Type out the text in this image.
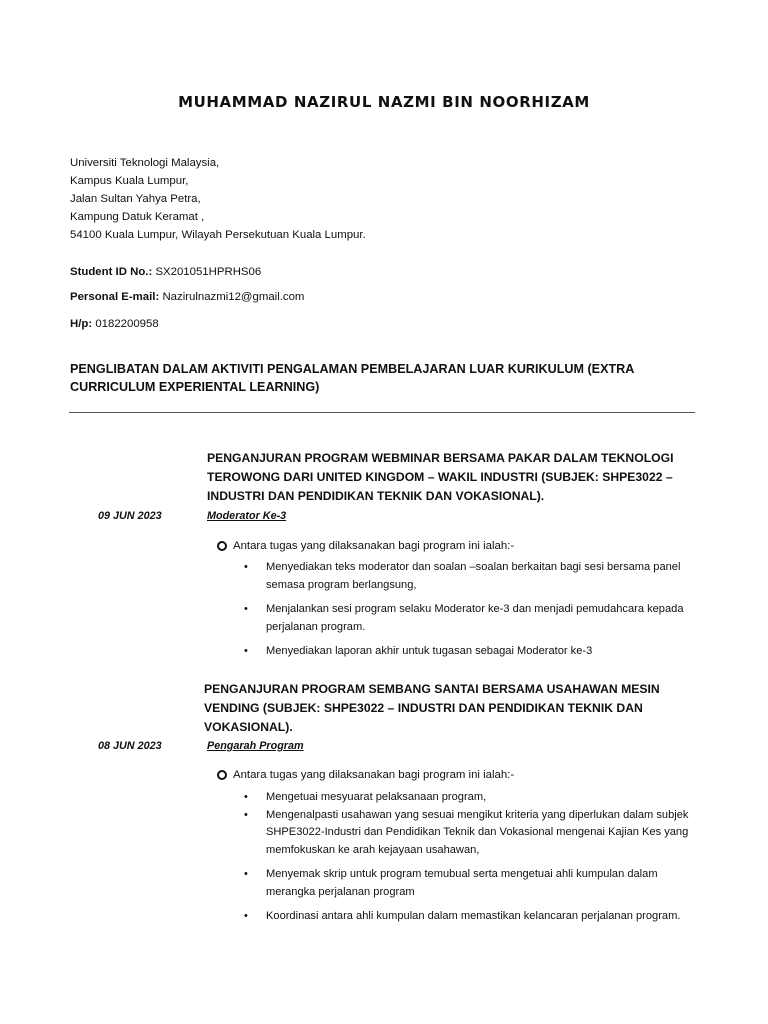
MUHAMMAD NAZIRUL NAZMI BIN NOORHIZAM
Universiti Teknologi Malaysia,
Kampus Kuala Lumpur,
Jalan Sultan Yahya Petra,
Kampung Datuk Keramat ,
54100 Kuala Lumpur, Wilayah Persekutuan Kuala Lumpur.
Student ID No.: SX201051HPRHS06
Personal E-mail: Nazirulnazmi12@gmail.com
H/p: 0182200958
PENGLIBATAN DALAM AKTIVITI PENGALAMAN PEMBELAJARAN LUAR KURIKULUM (EXTRA CURRICULUM EXPERIENTAL LEARNING)
PENGANJURAN PROGRAM WEBMINAR BERSAMA PAKAR DALAM TEKNOLOGI TEROWONG DARI UNITED KINGDOM – WAKIL INDUSTRI (SUBJEK: SHPE3022 – INDUSTRI DAN PENDIDIKAN TEKNIK DAN VOKASIONAL).
09 JUN 2023	Moderator Ke-3
Antara tugas yang dilaksanakan bagi program ini ialah:-
• Menyediakan teks moderator dan soalan –soalan berkaitan bagi sesi bersama panel semasa program berlangsung,
• Menjalankan sesi program selaku Moderator ke-3 dan menjadi pemudahcara kepada perjalanan program.
• Menyediakan laporan akhir untuk tugasan sebagai Moderator ke-3
PENGANJURAN PROGRAM SEMBANG SANTAI BERSAMA USAHAWAN MESIN VENDING (SUBJEK: SHPE3022 – INDUSTRI DAN PENDIDIKAN TEKNIK DAN VOKASIONAL).
08 JUN 2023	Pengarah Program
Antara tugas yang dilaksanakan bagi program ini ialah:-
• Mengetuai mesyuarat pelaksanaan program,
• Mengenalpasti usahawan yang sesuai mengikut kriteria yang diperlukan dalam subjek SHPE3022-Industri dan Pendidikan Teknik dan Vokasional mengenai Kajian Kes yang memfokuskan ke arah kejayaan usahawan,
• Menyemak skrip untuk program temubual serta mengetuai ahli kumpulan dalam merangka perjalanan program
• Koordinasi antara ahli kumpulan dalam memastikan kelancaran perjalanan program.
